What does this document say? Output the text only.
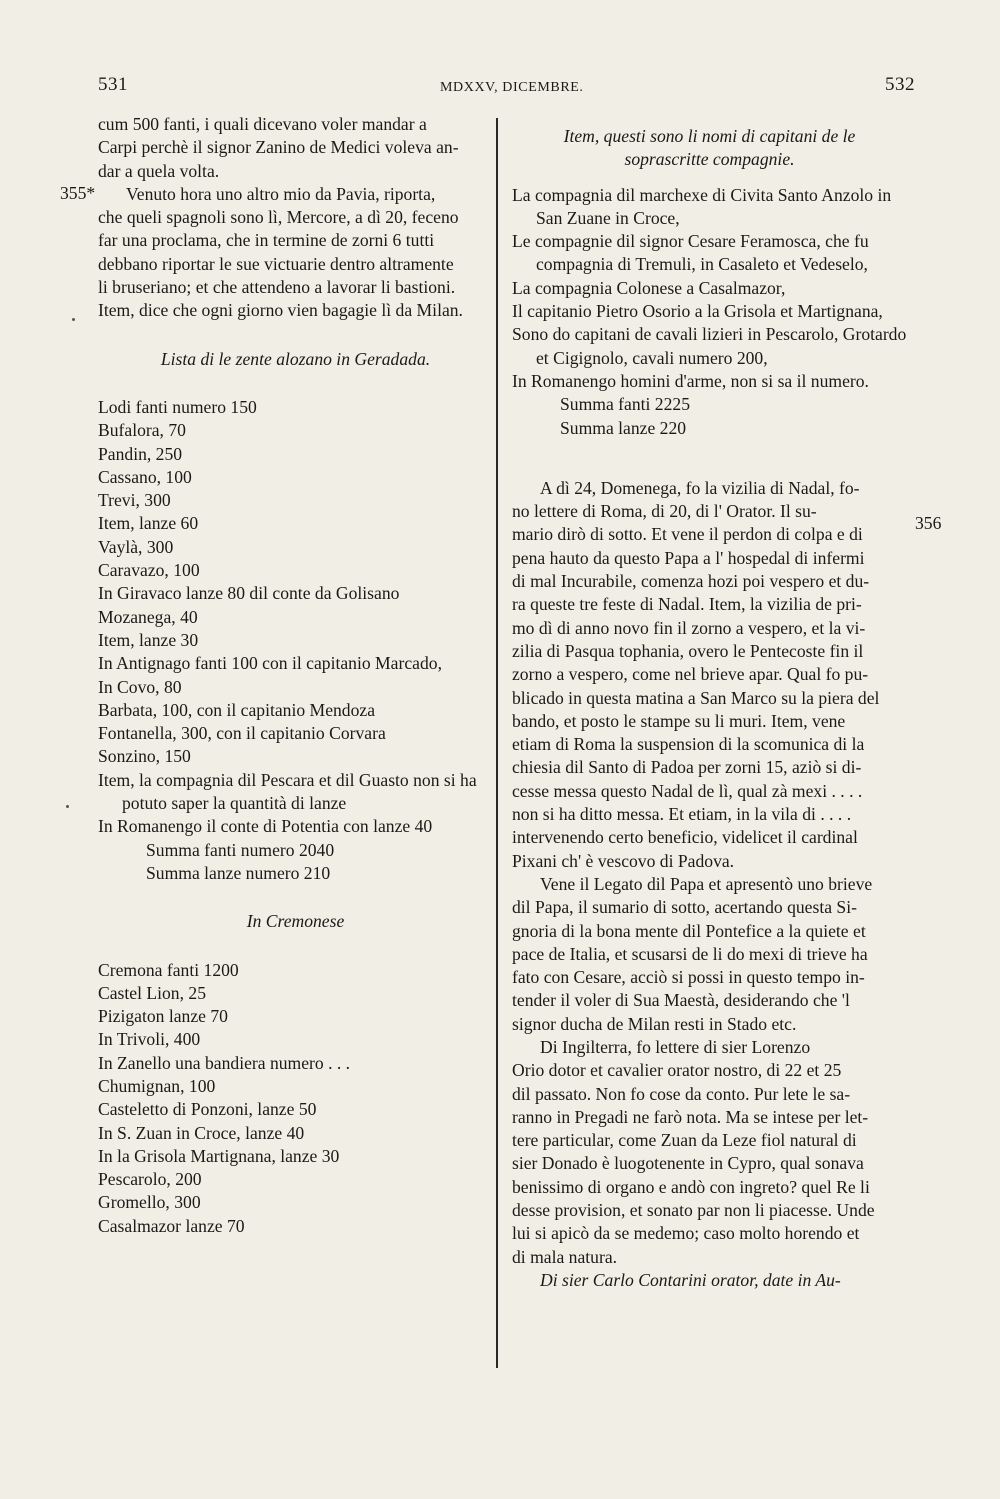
531	MDXXV, DICEMBRE.	532
355*
356
cum 500 fanti, i quali dicevano voler mandar a
Carpi perchè il signor Zanino de Medici voleva an-
dar a quela volta.
Venuto hora uno altro mio da Pavia, riporta,
che queli spagnoli sono lì, Mercore, a dì 20, feceno
far una proclama, che in termine de zorni 6 tutti
debbano riportar le sue victuarie dentro altramente
li bruseriano; et che attendeno a lavorar li bastioni.
Item, dice che ogni giorno vien bagagie lì da Milan.
Lista di le zente alozano in Geradada.
Lodi fanti numero 150
Bufalora, 70
Pandin, 250
Cassano, 100
Trevi, 300
Item, lanze 60
Vaylà, 300
Caravazo, 100
In Giravaco lanze 80 dil conte da Golisano
Mozanega, 40
Item, lanze 30
In Antignago fanti 100 con il capitanio Marcado,
In Covo, 80
Barbata, 100, con il capitanio Mendoza
Fontanella, 300, con il capitanio Corvara
Sonzino, 150
Item, la compagnia dil Pescara et dil Guasto non si ha potuto saper la quantità di lanze
In Romanengo il conte di Potentia con lanze 40
Summa fanti numero 2040
Summa lanze numero 210
In Cremonese
Cremona fanti 1200
Castel Lion, 25
Pizigaton lanze 70
In Trivoli, 400
In Zanello una bandiera numero . . .
Chumignan, 100
Casteletto di Ponzoni, lanze 50
In S. Zuan in Croce, lanze 40
In la Grisola Martignana, lanze 30
Pescarolo, 200
Gromello, 300
Casalmazor lanze 70
Item, questi sono li nomi di capitani de le
soprascritte compagnie.
La compagnia dil marchexe di Civita Santo Anzolo in San Zuane in Croce,
Le compagnie dil signor Cesare Feramosca, che fu compagnia di Tremuli, in Casaleto et Vedeselo,
La compagnia Colonese a Casalmazor,
Il capitanio Pietro Osorio a la Grisola et Martignana,
Sono do capitani de cavali lizieri in Pescarolo, Grotardo et Cigignolo, cavali numero 200,
In Romanengo homini d'arme, non si sa il numero.
Summa fanti 2225
Summa lanze 220
A dì 24, Domenega, fo la vizilia di Nadal, fo-
no lettere di Roma, di 20, di l' Orator. Il su-
mario dirò di sotto. Et vene il perdon di colpa e di
pena hauto da questo Papa a l' hospedal di infermi
di mal Incurabile, comenza hozi poi vespero et du-
ra queste tre feste di Nadal. Item, la vizilia de pri-
mo dì di anno novo fin il zorno a vespero, et la vi-
zilia di Pasqua tophania, overo le Pentecoste fin il
zorno a vespero, come nel brieve apar. Qual fo pu-
blicado in questa matina a San Marco su la piera del
bando, et posto le stampe su li muri. Item, vene
etiam di Roma la suspension di la scomunica di la
chiesia dil Santo di Padoa per zorni 15, aziò si di-
cesse messa questo Nadal de lì, qual zà mexi . . . .
non si ha ditto messa. Et etiam, in la vila di . . . .
intervenendo certo beneficio, videlicet il cardinal
Pixani ch' è vescovo di Padova.
Vene il Legato dil Papa et apresentò uno brieve
dil Papa, il sumario di sotto, acertando questa Si-
gnoria di la bona mente dil Pontefice a la quiete et
pace de Italia, et scusarsi de li do mexi di trieve ha
fato con Cesare, acciò si possi in questo tempo in-
tender il voler di Sua Maestà, desiderando che 'l
signor ducha de Milan resti in Stado etc.
Di Ingilterra, fo lettere di sier Lorenzo
Orio dotor et cavalier orator nostro, di 22 et 25
dil passato. Non fo cose da conto. Pur lete le sa-
ranno in Pregadi ne farò nota. Ma se intese per let-
tere particular, come Zuan da Leze fiol natural di
sier Donado è luogotenente in Cypro, qual sonava
benissimo di organo e andò con ingreto? quel Re li
desse provision, et sonato par non li piacesse. Unde
lui si apicò da se medemo; caso molto horendo et
di mala natura.
Di sier Carlo Contarini orator, date in Au-
